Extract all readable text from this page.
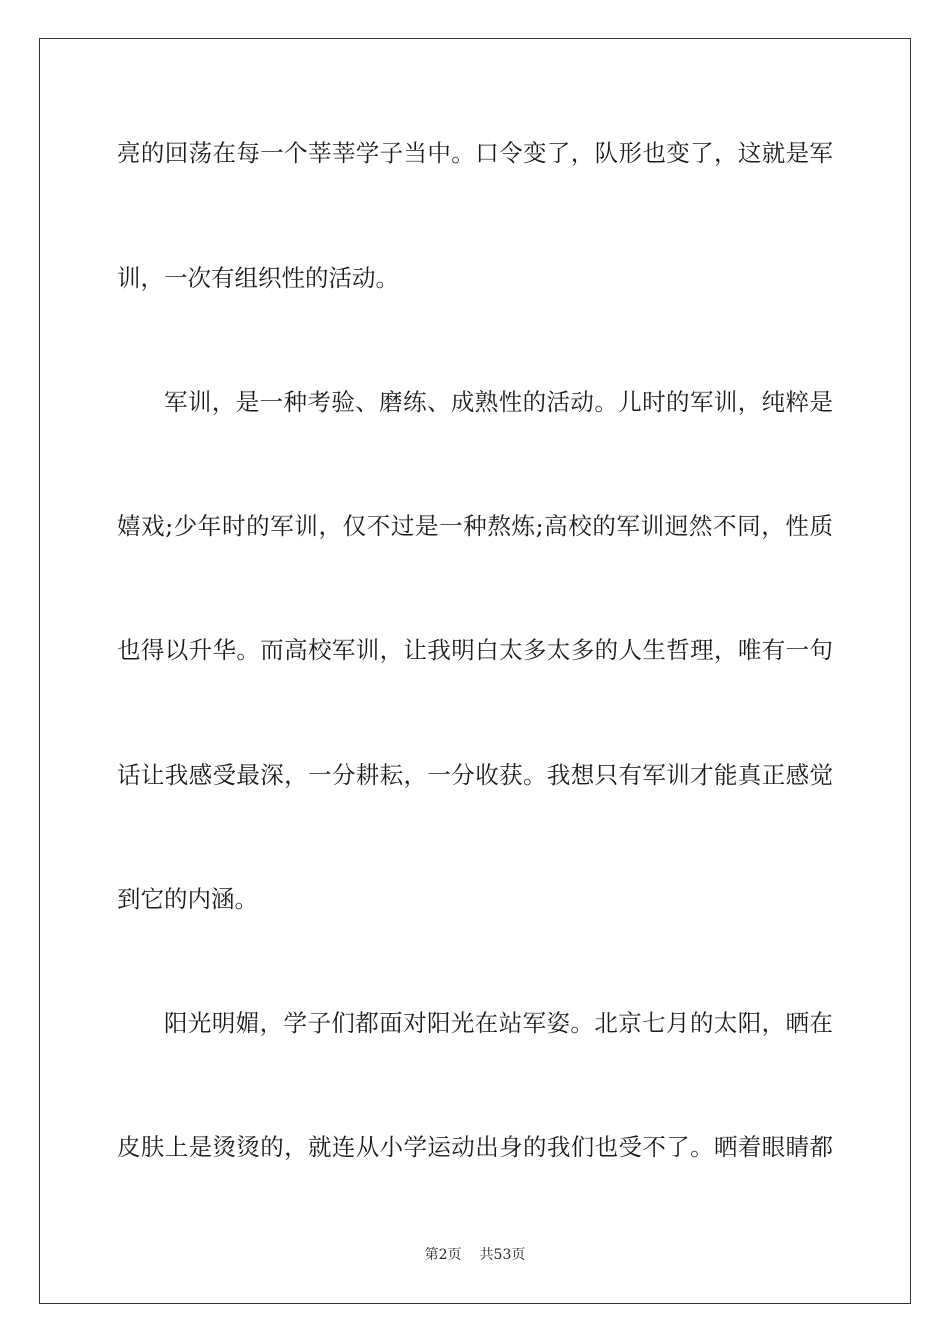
亮的回荡在每一个莘莘学子当中。口令变了，队形也变了，这就是军
训，一次有组织性的活动。
军训，是一种考验、磨练、成熟性的活动。儿时的军训，纯粹是
嬉戏;少年时的军训，仅不过是一种熬炼;高校的军训迥然不同，性质
也得以升华。而高校军训，让我明白太多太多的人生哲理，唯有一句
话让我感受最深，一分耕耘，一分收获。我想只有军训才能真正感觉
到它的内涵。
阳光明媚，学子们都面对阳光在站军姿。北京七月的太阳，晒在
皮肤上是烫烫的，就连从小学运动出身的我们也受不了。晒着眼睛都
第2页 共53页
